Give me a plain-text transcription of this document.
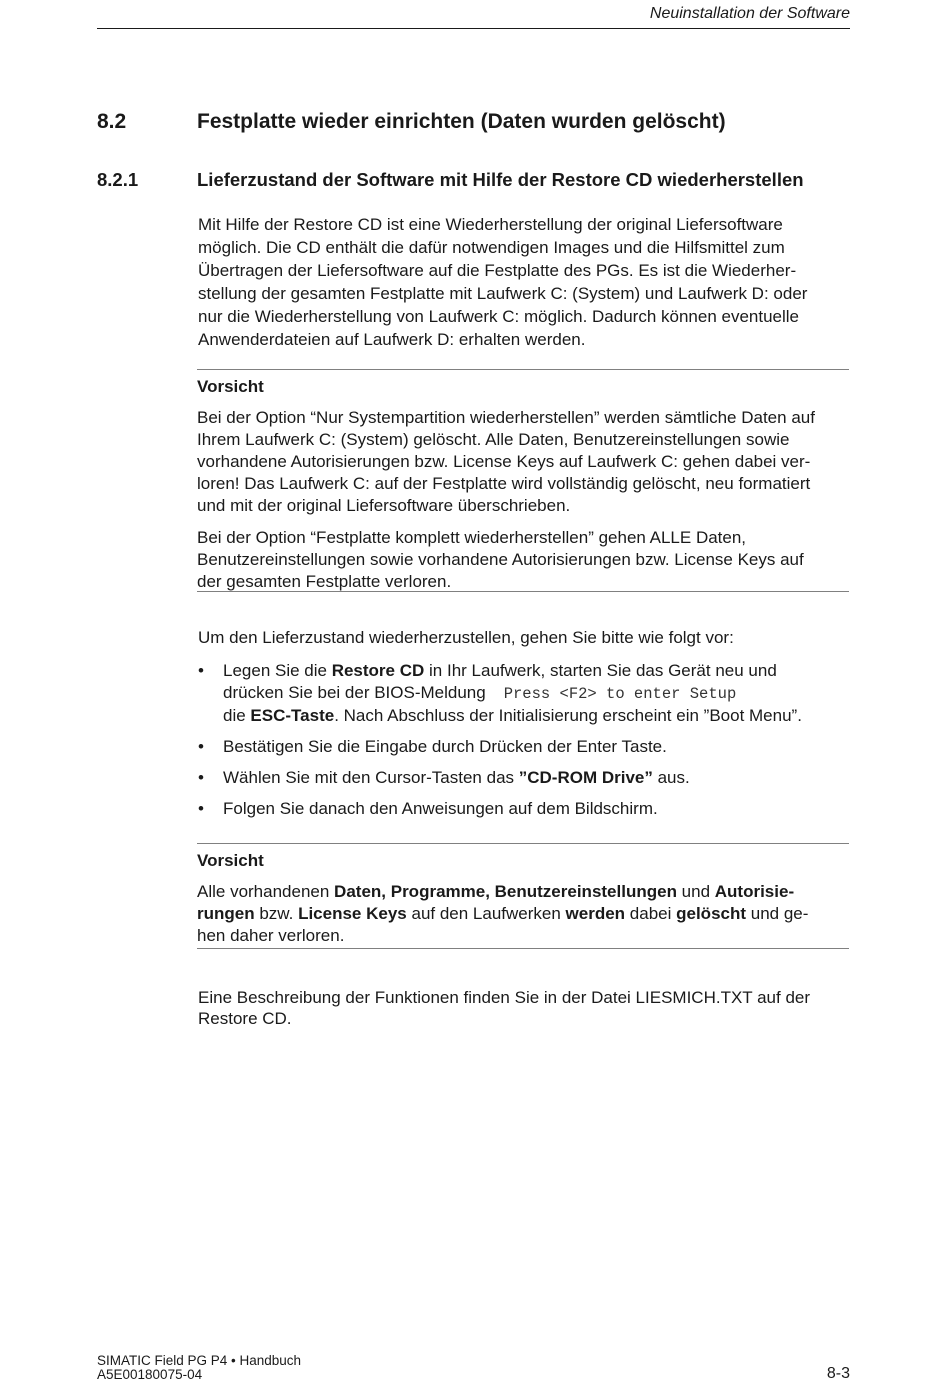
Neuinstallation der Software
8.2	Festplatte wieder einrichten (Daten wurden gelöscht)
8.2.1	Lieferzustand der Software mit Hilfe der Restore CD wiederherstellen

Mit Hilfe der Restore CD ist eine Wiederherstellung der original Liefersoftware

möglich. Die CD enthält die dafür notwendigen Images und die Hilfsmittel zum

Übertragen der Liefersoftware auf die Festplatte des PGs. Es ist die Wiederher-

stellung der gesamten Festplatte mit Laufwerk C: (System) und Laufwerk D: oder

nur die Wiederherstellung von Laufwerk C: möglich. Dadurch können eventuelle

Anwenderdateien auf Laufwerk D: erhalten werden.

Vorsicht

Bei der Option “Nur Systempartition wiederherstellen” werden sämtliche Daten auf
Ihrem Laufwerk C: (System) gelöscht. Alle Daten, Benutzereinstellungen sowie
vorhandene Autorisierungen bzw. License Keys auf Laufwerk C: gehen dabei ver-
loren! Das Laufwerk C: auf der Festplatte wird vollständig gelöscht, neu formatiert
und mit der original Liefersoftware überschrieben.

Bei der Option “Festplatte komplett wiederherstellen” gehen ALLE Daten,
Benutzereinstellungen sowie vorhandene Autorisierungen bzw. License Keys auf
der gesamten Festplatte verloren.

Um den Lieferzustand wiederherzustellen, gehen Sie bitte wie folgt vor:
• Legen Sie die Restore CD in Ihr Laufwerk, starten Sie das Gerät neu und
drücken Sie bei der BIOS-Meldung Press <F2> to enter Setup
die ESC-Taste. Nach Abschluss der Initialisierung erscheint ein ”Boot Menu”.
• Bestätigen Sie die Eingabe durch Drücken der Enter Taste.
• Wählen Sie mit den Cursor-Tasten das ”CD-ROM Drive” aus.
• Folgen Sie danach den Anweisungen auf dem Bildschirm.
Vorsicht

Alle vorhandenen Daten, Programme, Benutzereinstellungen und Autorisie-
rungen bzw. License Keys auf den Laufwerken werden dabei gelöscht und ge-
hen daher verloren.

Eine Beschreibung der Funktionen finden Sie in der Datei LIESMICH.TXT auf der

Restore CD.

SIMATIC Field PG P4 • Handbuch
A5E00180075-04	8-3
